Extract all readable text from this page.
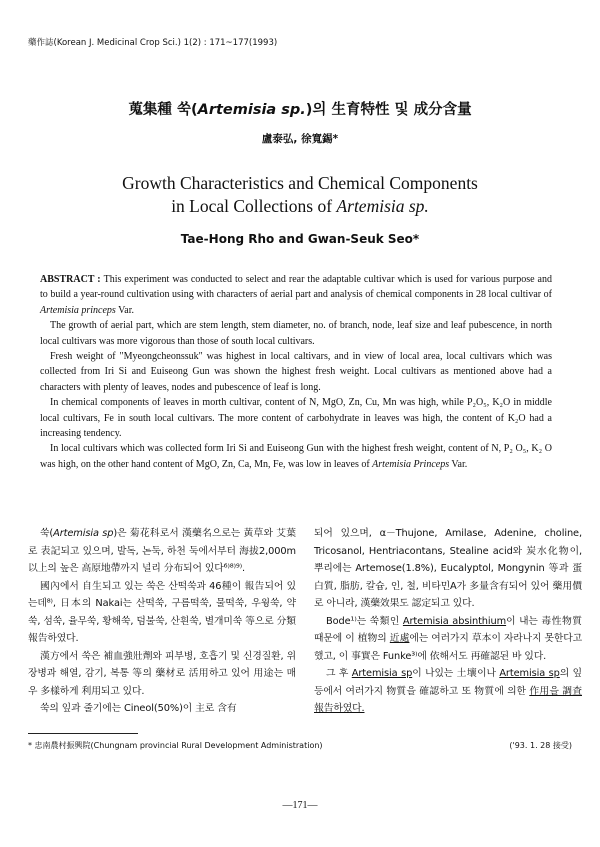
藥作誌(Korean J. Medicinal Crop Sci.) 1(2) : 171~177(1993)
蒐集種 쑥(Artemisia sp.)의 生育特性 및 成分含量
盧泰弘, 徐寬錫*
Growth Characteristics and Chemical Components
in Local Collections of Artemisia sp.
Tae-Hong Rho and Gwan-Seuk Seo*

ABSTRACT : This experiment was conducted to select and rear the adaptable cultivar which is used for various purpose and to build a year-round cultivation using with characters of aerial part and analysis of chemical components in 28 local cultivar of Artemisia princeps Var.

The growth of aerial part, which are stem length, stem diameter, no. of branch, node, leaf size and leaf pubescence, in north local cultivars was more vigorous than those of south local cultivars.

Fresh weight of "Myeongcheonssuk" was highest in local caltivars, and in view of local area, local cultivars which was collected from Iri Si and Euiseong Gun was shown the highest fresh weight. Local cultivars as mentioned above had a characters with plenty of leaves, nodes and pubescence of leaf is long.

In chemical components of leaves in morth cultivar, content of N, MgO, Zn, Cu, Mn was high, while P₂O₅, K₂O in middle local cultivars, Fe in south local cultivars. The more content of carbohydrate in leaves was high, the content of K₂O had a increasing tendency.

In local cultivars which was collected form Iri Si and Euiseong Gun with the highest fresh weight, content of N, P₂ O₅, K₂ O was high, on the other hand content of MgO, Zn, Ca, Mn, Fe, was low in leaves of Artemisia Princeps Var.

쑥(Artemisia sp)은 菊花科로서 漢藥名으로는 黃草와 艾葉로 表記되고 있으며, 발독, 논둑, 하천 둑에서부터 海拔2,000m 以上의 높은 高原地帶까지 널리 分布되어 있다⁶⁾⁸⁾⁹⁾.

國內에서 自生되고 있는 쑥은 산떡쑥과 46種이 報告되어 있는데⁸⁾, 日本의 Nakai는 산떡쑥, 구름떡쑥, 물떡쑥, 우윙쑥, 약쑥, 섬쑥, 율무쑥, 황해쑥, 덤불쑥, 산흰쑥, 별개미쑥 等으로 分類報告하였다.

漢方에서 쑥은 補血強壯劑와 피부병, 호흡기 및 신경질환, 위장병과 해열, 감기, 복통 等의 藥材로 活用하고 있어 用途는 매우 多樣하게 利用되고 있다.

쑥의 잎과 줄기에는 Cineol(50%)이 主로 含有

되어 있으며, α－Thujone, Amilase, Adenine, choline, Tricosanol, Hentriacontans, Stealine acid와 炭水化物이, 뿌리에는 Artemose(1.8%), Eucalyptol, Mongynin 等과 蛋白質, 脂肪, 칼슘, 인, 철, 비타민A가 多量含有되어 있어 藥用價로 아니라, 漢藥效果도 認定되고 있다.

Bode¹⁾는 쑥類인 Artemisia absinthium이 내는 毒性物質때문에 이 植物의 近處에는 여러가지 草本이 자라나지 못한다고 했고, 이 事實은 Funke³⁾에 依해서도 再確認된 바 있다.

그 후 Artemisia sp이 나있는 土壤이나 Artemisia sp의 잎등에서 여러가지 物質을 確認하고 또 物質에 의한 作用을 調査報告하였다.

* 忠南農村振興院(Chungnam provincial Rural Development Administration)	('93. 1. 28 接受)
—171—
